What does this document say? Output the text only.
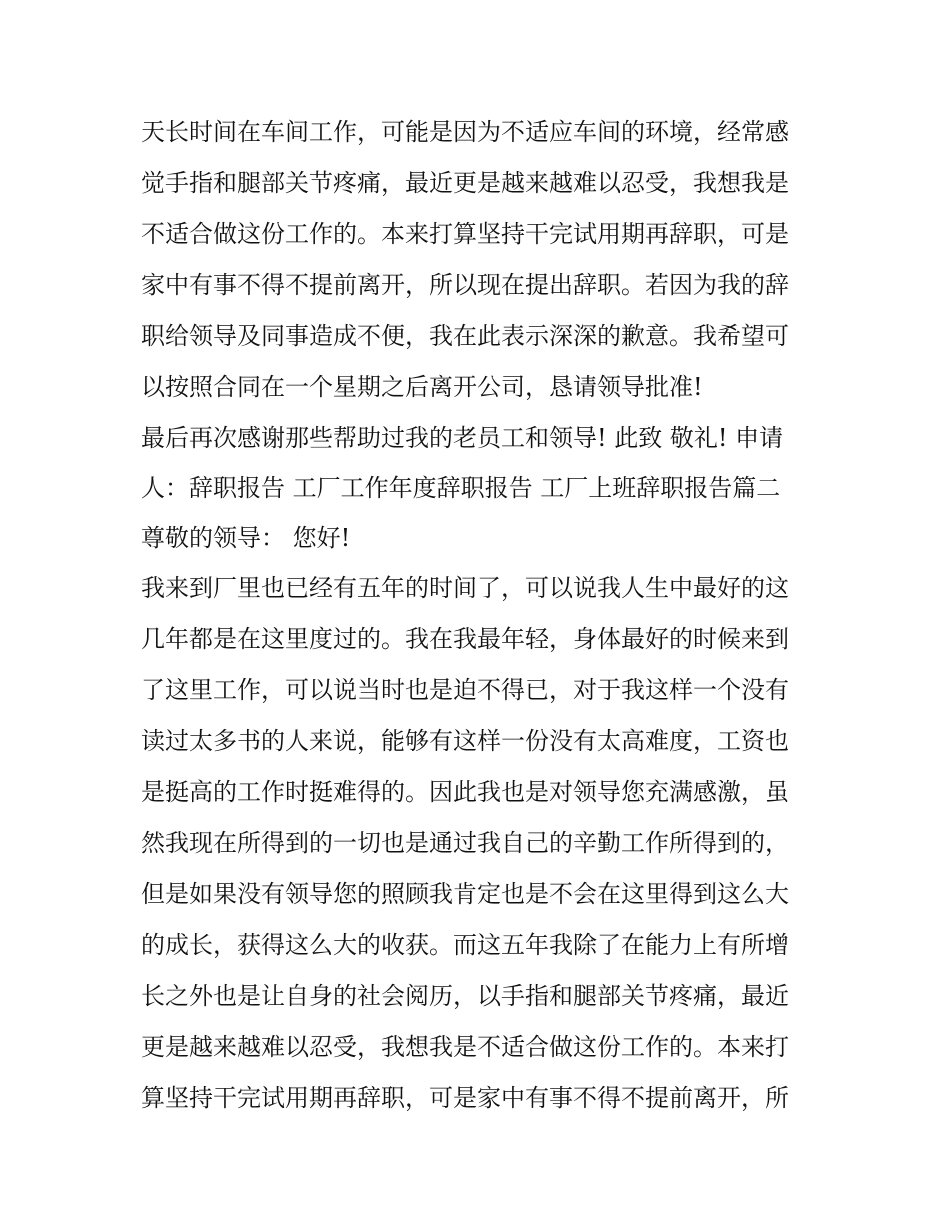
天长时间在车间工作，可能是因为不适应车间的环境，经常感

觉手指和腿部关节疼痛，最近更是越来越难以忍受，我想我是

不适合做这份工作的。本来打算坚持干完试用期再辞职，可是

家中有事不得不提前离开，所以现在提出辞职。若因为我的辞

职给领导及同事造成不便，我在此表示深深的歉意。我希望可

以按照合同在一个星期之后离开公司，恳请领导批准!

最后再次感谢那些帮助过我的老员工和领导! 此致 敬礼! 申请

人：辞职报告 工厂工作年度辞职报告 工厂上班辞职报告篇二

尊敬的领导： 您好!

我来到厂里也已经有五年的时间了，可以说我人生中最好的这

几年都是在这里度过的。我在我最年轻，身体最好的时候来到

了这里工作，可以说当时也是迫不得已，对于我这样一个没有

读过太多书的人来说，能够有这样一份没有太高难度，工资也

是挺高的工作时挺难得的。因此我也是对领导您充满感激，虽

然我现在所得到的一切也是通过我自己的辛勤工作所得到的，

但是如果没有领导您的照顾我肯定也是不会在这里得到这么大

的成长，获得这么大的收获。而这五年我除了在能力上有所增

长之外也是让自身的社会阅历，以手指和腿部关节疼痛，最近

更是越来越难以忍受，我想我是不适合做这份工作的。本来打

算坚持干完试用期再辞职，可是家中有事不得不提前离开，所
